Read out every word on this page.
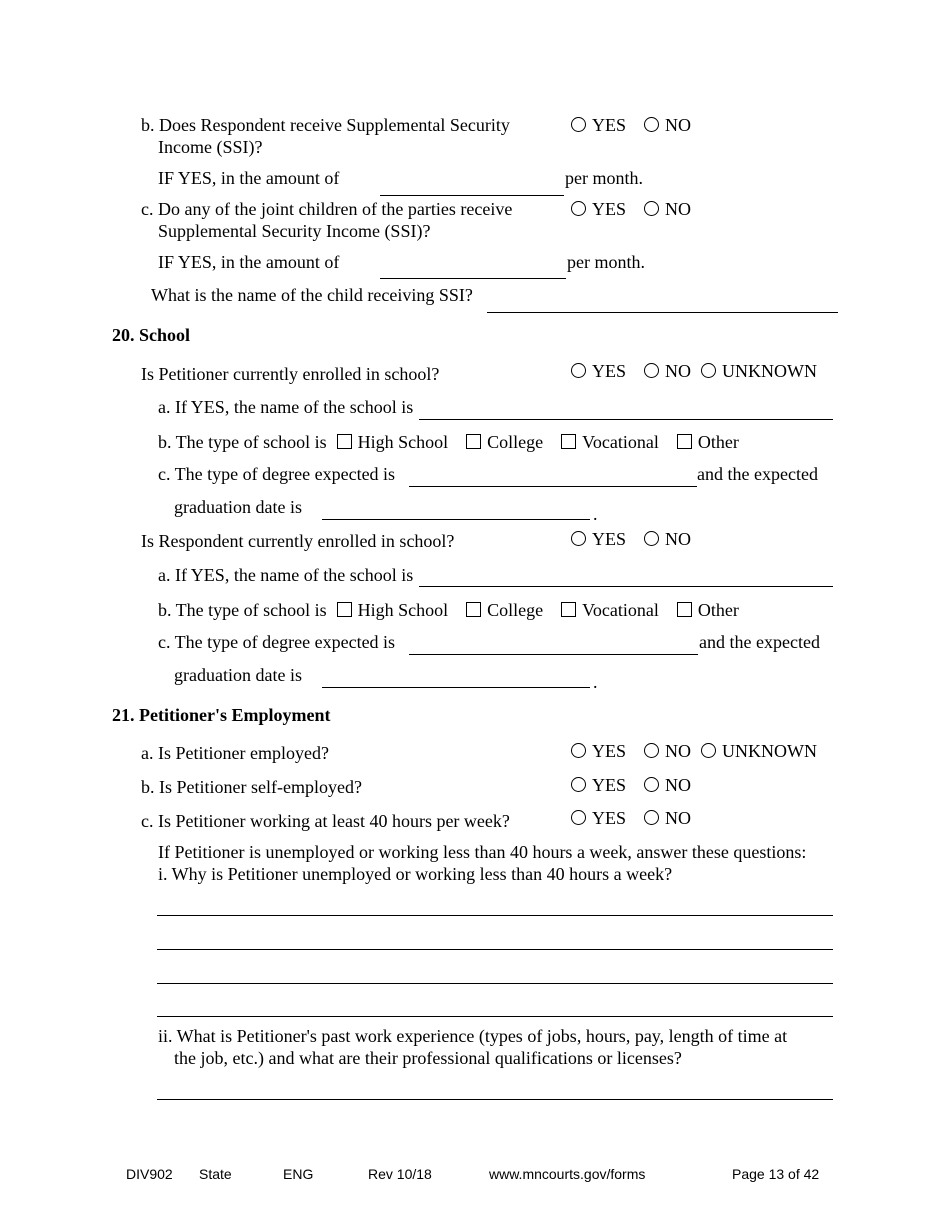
b. Does Respondent receive Supplemental Security
Income (SSI)?
YES NO
IF YES, in the amount of	per month.
c. Do any of the joint children of the parties receive
Supplemental Security Income (SSI)?
YES NO
IF YES, in the amount of	per month.
What is the name of the child receiving SSI?
20. School
Is Petitioner currently enrolled in school?	YES NO UNKNOWN
a. If YES, the name of the school is
b. The type of school is High School College Vocational Other
c. The type of degree expected is	and the expected
graduation date is	.
Is Respondent currently enrolled in school?	YES NO
a. If YES, the name of the school is
b. The type of school is High School College Vocational Other
c. The type of degree expected is	and the expected
graduation date is	.
21. Petitioner's Employment
a. Is Petitioner employed?	YES NO UNKNOWN
b. Is Petitioner self-employed?	YES NO
c. Is Petitioner working at least 40 hours per week?	YES NO
If Petitioner is unemployed or working less than 40 hours a week, answer these questions:
i. Why is Petitioner unemployed or working less than 40 hours a week?
ii. What is Petitioner's past work experience (types of jobs, hours, pay, length of time at
the job, etc.) and what are their professional qualifications or licenses?
DIV902 State	ENG	Rev 10/18	www.mncourts.gov/forms	Page 13 of 42
